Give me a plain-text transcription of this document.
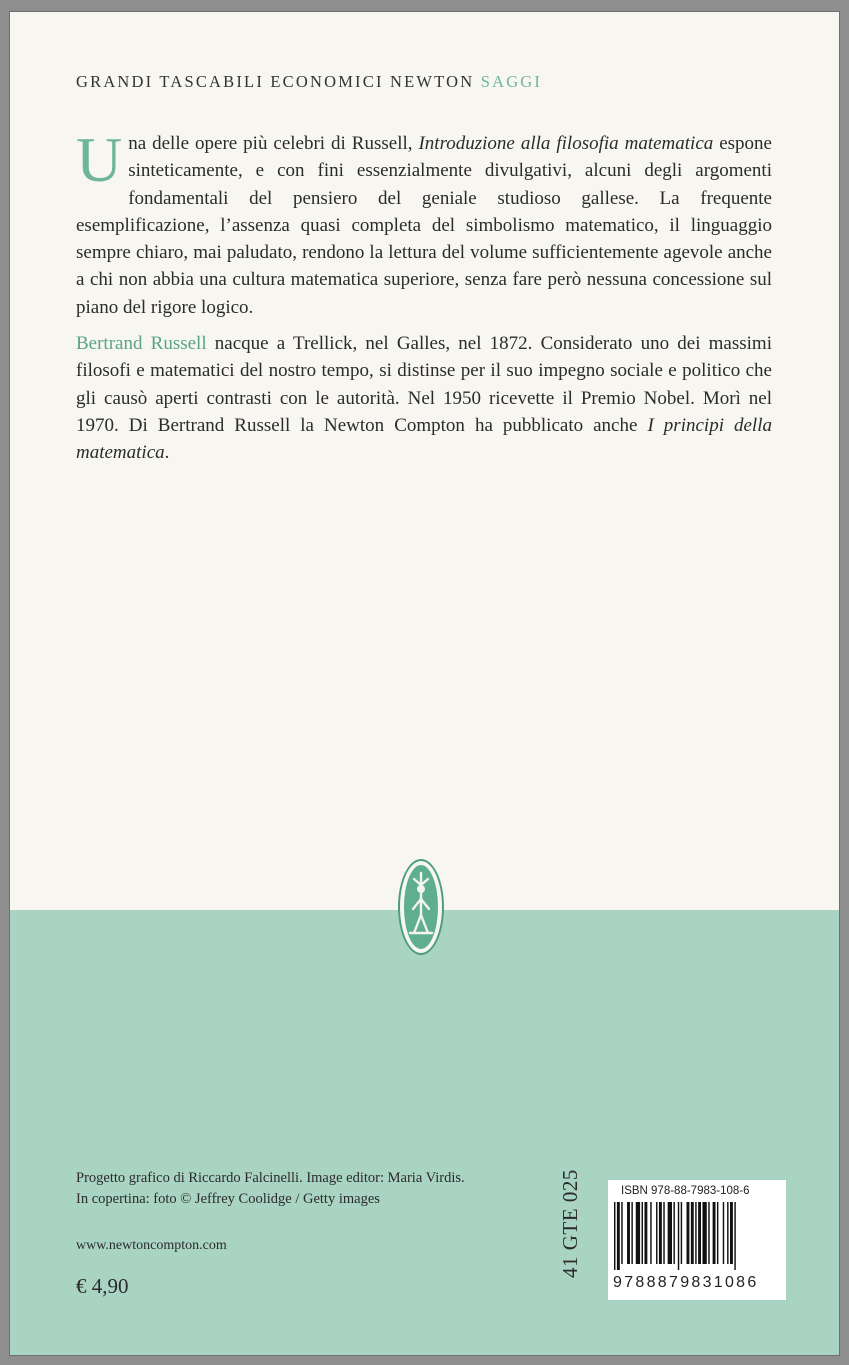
GRANDI TASCABILI ECONOMICI NEWTON SAGGI
Una delle opere più celebri di Russell, Introduzione alla filosofia matematica espone sinteticamente, e con fini essenzialmente divulgativi, alcuni degli argomenti fondamentali del pensiero del geniale studioso gallese. La frequente esemplificazione, l’assenza quasi completa del simbolismo matematico, il linguaggio sempre chiaro, mai paludato, rendono la lettura del volume sufficientemente agevole anche a chi non abbia una cultura matematica superiore, senza fare però nessuna concessione sul piano del rigore logico.
Bertrand Russell nacque a Trellick, nel Galles, nel 1872. Considerato uno dei massimi filosofi e matematici del nostro tempo, si distinse per il suo impegno sociale e politico che gli causò aperti contrasti con le autorità. Nel 1950 ricevette il Premio Nobel. Morì nel 1970. Di Bertrand Russell la Newton Compton ha pubblicato anche I principi della matematica.
Progetto grafico di Riccardo Falcinelli. Image editor: Maria Virdis.
In copertina: foto © Jeffrey Coolidge / Getty images
www.newtoncompton.com
€ 4,90
41 GTE 025	ISBN 978-88-7983-108-6
9788879831086
